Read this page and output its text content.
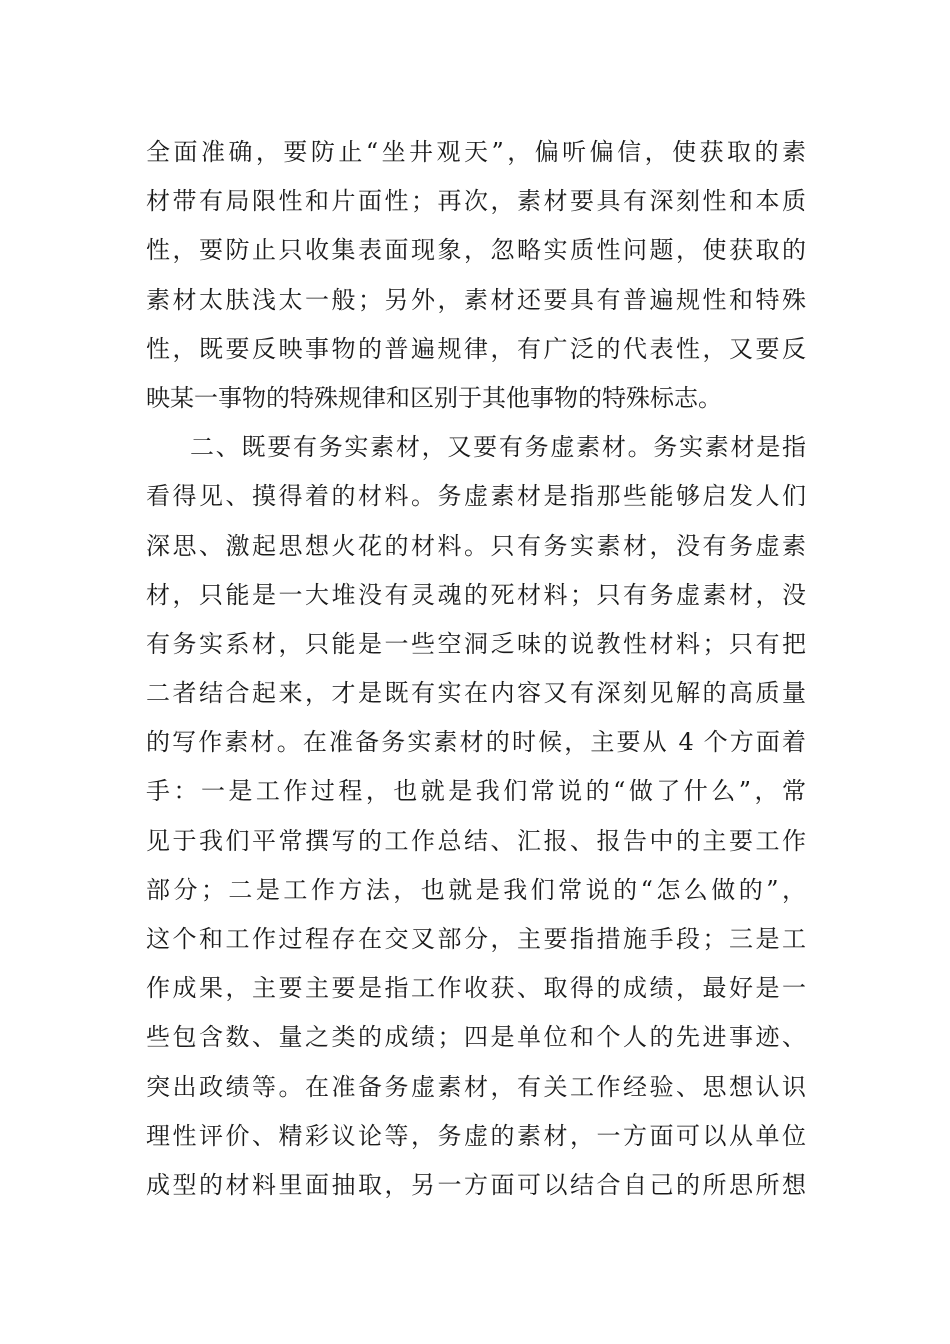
全面准确，要防止“坐井观天”，偏听偏信，使获取的素
材带有局限性和片面性；再次，素材要具有深刻性和本质
性，要防止只收集表面现象，忽略实质性问题，使获取的
素材太肤浅太一般；另外，素材还要具有普遍规性和特殊
性，既要反映事物的普遍规律，有广泛的代表性，又要反
映某一事物的特殊规律和区别于其他事物的特殊标志。
二、既要有务实素材，又要有务虚素材。务实素材是指
看得见、摸得着的材料。务虚素材是指那些能够启发人们
深思、激起思想火花的材料。只有务实素材，没有务虚素
材，只能是一大堆没有灵魂的死材料；只有务虚素材，没
有务实系材，只能是一些空洞乏味的说教性材料；只有把
二者结合起来，才是既有实在内容又有深刻见解的高质量
的写作素材。在准备务实素材的时候，主要从 4 个方面着
手：一是工作过程，也就是我们常说的“做了什么”，常
见于我们平常撰写的工作总结、汇报、报告中的主要工作
部分；二是工作方法，也就是我们常说的“怎么做的”，
这个和工作过程存在交叉部分，主要指措施手段；三是工
作成果，主要主要是指工作收获、取得的成绩，最好是一
些包含数、量之类的成绩；四是单位和个人的先进事迹、
突出政绩等。在准备务虚素材，有关工作经验、思想认识
理性评价、精彩议论等，务虚的素材，一方面可以从单位
成型的材料里面抽取，另一方面可以结合自己的所思所想
